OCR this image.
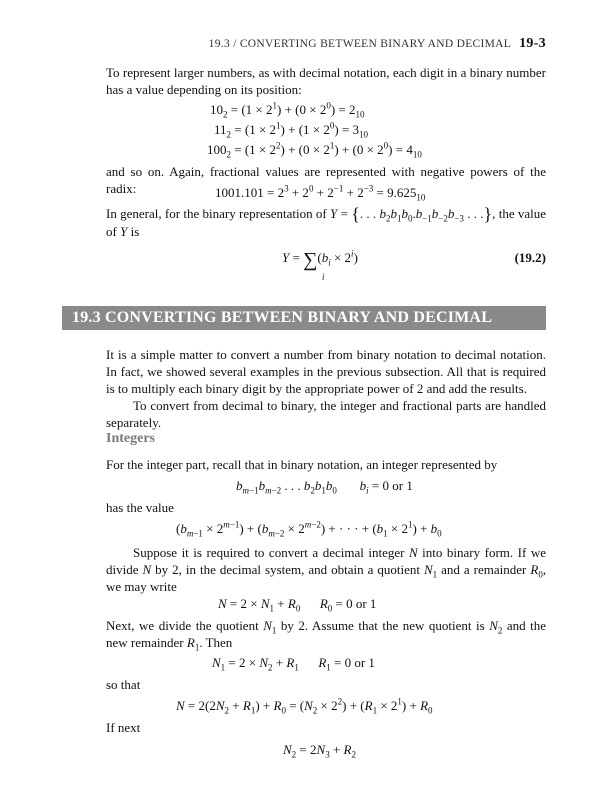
19.3 / CONVERTING BETWEEN BINARY AND DECIMAL 19-3

To represent larger numbers, as with decimal notation, each digit in a binary number has a value depending on its position:

$10_2 = (1 \times 2^1) + (0 \times 2^0) = 2_{10}$
$11_2 = (1 \times 2^1) + (1 \times 2^0) = 3_{10}$
$100_2 = (1 \times 2^2) + (0 \times 2^1) + (0 \times 2^0) = 4_{10}$

and so on. Again, fractional values are represented with negative powers of the radix:	$1001.101 = 2^3 + 2^0 + 2^{-1} + 2^{-3} = 9.625_{10}$
In general, for the binary representation of Y = {. . . $b_2b_1b_0.b_{-1}b_{-2}b_{-3}$ . . .}, the value of Y is
$Y = \sum(b_i \times 2^i)$
i
(19.2)
19.3 CONVERTING BETWEEN BINARY AND DECIMAL

It is a simple matter to convert a number from binary notation to decimal notation. In fact, we showed several examples in the previous subsection. All that is required is to multiply each binary digit by the appropriate power of 2 and add the results.

To convert from decimal to binary, the integer and fractional parts are handled separately.

Integers

For the integer part, recall that in binary notation, an integer represented by

$b_{m-1}b_{m-2}$ . . . $b_2b_1b_0$ $b_i = 0$ or 1

has the value

$(b_{m-1} \times 2^{m-1}) + (b_{m-2} \times 2^{m-2})$ + · · · + $(b_1 \times 2^1) + b_0$
Suppose it is required to convert a decimal integer N into binary form. If we divide N by 2, in the decimal system, and obtain a quotient $N_1$ and a remainder $R_0$, we may write
$N = 2 \times N_1 + R_0$ $R_0 = 0$ or 1
Next, we divide the quotient $N_1$ by 2. Assume that the new quotient is $N_2$ and the new remainder $R_1$. Then
$N_1 = 2 \times N_2 + R_1$ $R_1 = 0$ or 1

so that

$N = 2(2N_2 + R_1) + R_0 = (N_2 \times 2^2) + (R_1 \times 2^1) + R_0$

If next

$N_2 = 2N_3 + R_2$
